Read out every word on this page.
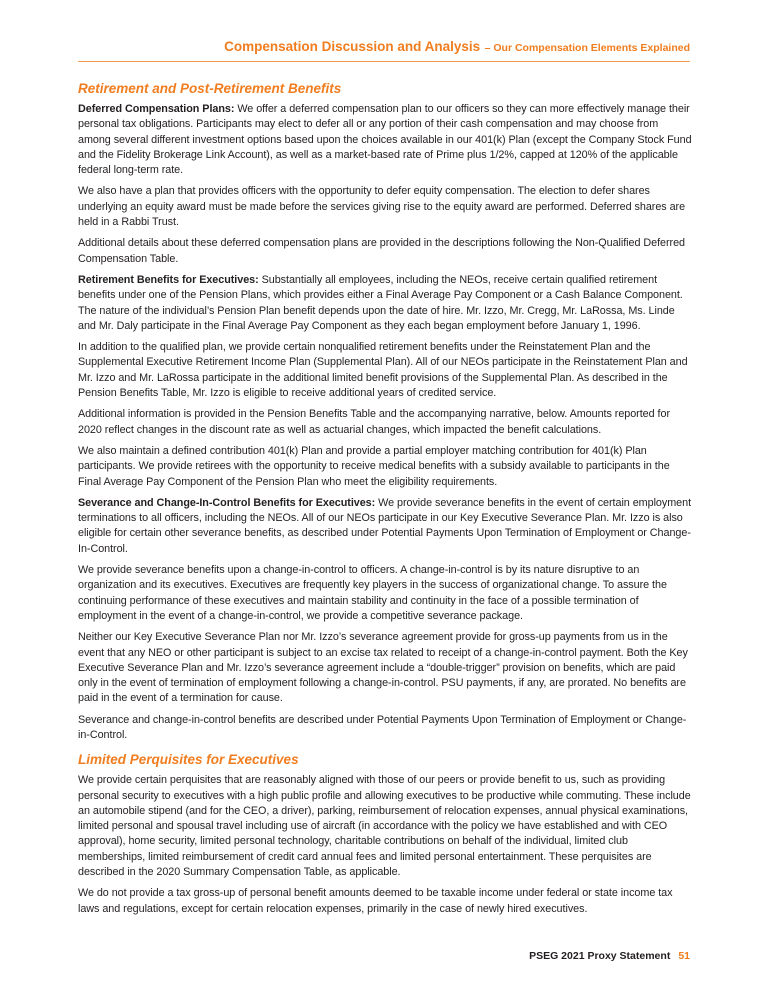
Compensation Discussion and Analysis – Our Compensation Elements Explained
Retirement and Post-Retirement Benefits

Deferred Compensation Plans: We offer a deferred compensation plan to our officers so they can more effectively manage their personal tax obligations. Participants may elect to defer all or any portion of their cash compensation and may choose from among several different investment options based upon the choices available in our 401(k) Plan (except the Company Stock Fund and the Fidelity Brokerage Link Account), as well as a market-based rate of Prime plus 1/2%, capped at 120% of the applicable federal long-term rate.

We also have a plan that provides officers with the opportunity to defer equity compensation. The election to defer shares underlying an equity award must be made before the services giving rise to the equity award are performed. Deferred shares are held in a Rabbi Trust.

Additional details about these deferred compensation plans are provided in the descriptions following the Non-Qualified Deferred Compensation Table.

Retirement Benefits for Executives: Substantially all employees, including the NEOs, receive certain qualified retirement benefits under one of the Pension Plans, which provides either a Final Average Pay Component or a Cash Balance Component. The nature of the individual’s Pension Plan benefit depends upon the date of hire. Mr. Izzo, Mr. Cregg, Mr. LaRossa, Ms. Linde and Mr. Daly participate in the Final Average Pay Component as they each began employment before January 1, 1996.

In addition to the qualified plan, we provide certain nonqualified retirement benefits under the Reinstatement Plan and the Supplemental Executive Retirement Income Plan (Supplemental Plan). All of our NEOs participate in the Reinstatement Plan and Mr. Izzo and Mr. LaRossa participate in the additional limited benefit provisions of the Supplemental Plan. As described in the Pension Benefits Table, Mr. Izzo is eligible to receive additional years of credited service.

Additional information is provided in the Pension Benefits Table and the accompanying narrative, below. Amounts reported for 2020 reflect changes in the discount rate as well as actuarial changes, which impacted the benefit calculations.

We also maintain a defined contribution 401(k) Plan and provide a partial employer matching contribution for 401(k) Plan participants. We provide retirees with the opportunity to receive medical benefits with a subsidy available to participants in the Final Average Pay Component of the Pension Plan who meet the eligibility requirements.

Severance and Change-In-Control Benefits for Executives: We provide severance benefits in the event of certain employment terminations to all officers, including the NEOs. All of our NEOs participate in our Key Executive Severance Plan. Mr. Izzo is also eligible for certain other severance benefits, as described under Potential Payments Upon Termination of Employment or Change-In-Control.

We provide severance benefits upon a change-in-control to officers. A change-in-control is by its nature disruptive to an organization and its executives. Executives are frequently key players in the success of organizational change. To assure the continuing performance of these executives and maintain stability and continuity in the face of a possible termination of employment in the event of a change-in-control, we provide a competitive severance package.

Neither our Key Executive Severance Plan nor Mr. Izzo’s severance agreement provide for gross-up payments from us in the event that any NEO or other participant is subject to an excise tax related to receipt of a change-in-control payment. Both the Key Executive Severance Plan and Mr. Izzo’s severance agreement include a “double-trigger” provision on benefits, which are paid only in the event of termination of employment following a change-in-control. PSU payments, if any, are prorated. No benefits are paid in the event of a termination for cause.

Severance and change-in-control benefits are described under Potential Payments Upon Termination of Employment or Change-in-Control.

Limited Perquisites for Executives

We provide certain perquisites that are reasonably aligned with those of our peers or provide benefit to us, such as providing personal security to executives with a high public profile and allowing executives to be productive while commuting. These include an automobile stipend (and for the CEO, a driver), parking, reimbursement of relocation expenses, annual physical examinations, limited personal and spousal travel including use of aircraft (in accordance with the policy we have established and with CEO approval), home security, limited personal technology, charitable contributions on behalf of the individual, limited club memberships, limited reimbursement of credit card annual fees and limited personal entertainment. These perquisites are described in the 2020 Summary Compensation Table, as applicable.

We do not provide a tax gross-up of personal benefit amounts deemed to be taxable income under federal or state income tax laws and regulations, except for certain relocation expenses, primarily in the case of newly hired executives.

PSEG 2021 Proxy Statement 51
